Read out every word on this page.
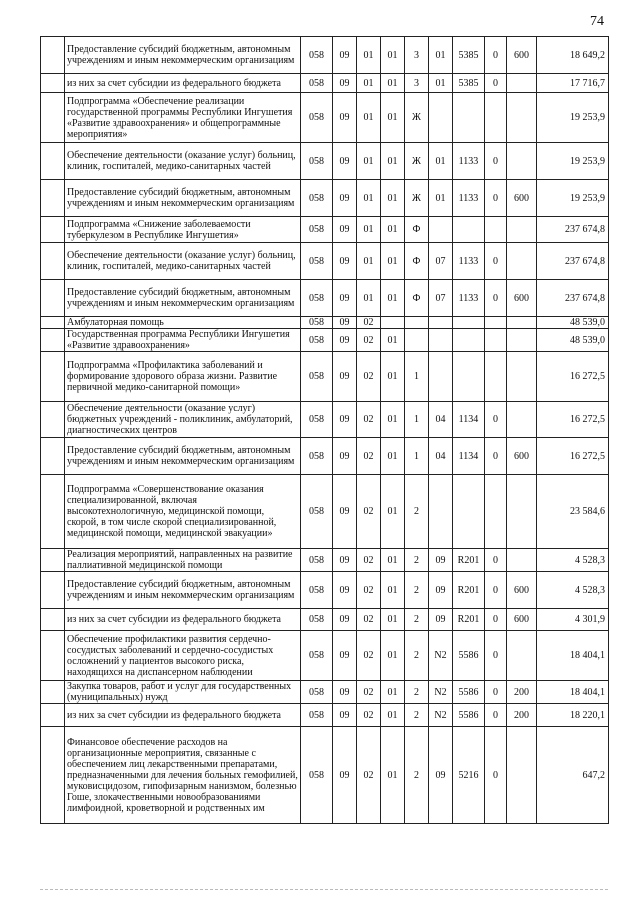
74
	Предоставление субсидий бюджетным, автономным учреждениям и иным некоммерческим организациям	058	09	01	01	3	01	5385	0	600	18 649,2
	из них за счет субсидии из федерального бюджета	058	09	01	01	3	01	5385	0		17 716,7
	Подпрограмма «Обеспечение реализации государственной программы Республики Ингушетия «Развитие здравоохранения» и общепрограммные мероприятия»	058	09	01	01	Ж					19 253,9
	Обеспечение деятельности (оказание услуг) больниц, клиник, госпиталей, медико-санитарных частей	058	09	01	01	Ж	01	1133	0		19 253,9
	Предоставление субсидий бюджетным, автономным учреждениям и иным некоммерческим организациям	058	09	01	01	Ж	01	1133	0	600	19 253,9
	Подпрограмма «Снижение заболеваемости туберкулезом в Республике Ингушетия»	058	09	01	01	Ф					237 674,8
	Обеспечение деятельности (оказание услуг) больниц, клиник, госпиталей, медико-санитарных частей	058	09	01	01	Ф	07	1133	0		237 674,8
	Предоставление субсидий бюджетным, автономным учреждениям и иным некоммерческим организациям	058	09	01	01	Ф	07	1133	0	600	237 674,8
	Амбулаторная помощь	058	09	02							48 539,0
	Государственная программа Республики Ингушетия «Развитие здравоохранения»	058	09	02	01						48 539,0
	Подпрограмма «Профилактика заболеваний и формирование здорового образа жизни. Развитие первичной медико-санитарной помощи»	058	09	02	01	1					16 272,5
	Обеспечение деятельности (оказание услуг) бюджетных учреждений - поликлиник, амбулаторий, диагностических центров	058	09	02	01	1	04	1134	0		16 272,5
	Предоставление субсидий бюджетным, автономным учреждениям и иным некоммерческим организациям	058	09	02	01	1	04	1134	0	600	16 272,5
	Подпрограмма «Совершенствование оказания специализированной, включая высокотехнологичную, медицинской помощи, скорой, в том числе скорой специализированной, медицинской помощи, медицинской эвакуации»	058	09	02	01	2					23 584,6
	Реализация мероприятий, направленных на развитие паллиативной медицинской помощи	058	09	02	01	2	09	R201	0		4 528,3
	Предоставление субсидий бюджетным, автономным учреждениям и иным некоммерческим организациям	058	09	02	01	2	09	R201	0	600	4 528,3
	из них за счет субсидии из федерального бюджета	058	09	02	01	2	09	R201	0	600	4 301,9
	Обеспечение профилактики развития сердечно-сосудистых заболеваний и сердечно-сосудистых осложнений у пациентов высокого риска, находящихся на диспансерном наблюдении	058	09	02	01	2	N2	5586	0		18 404,1
	Закупка товаров, работ и услуг для государственных (муниципальных) нужд	058	09	02	01	2	N2	5586	0	200	18 404,1
	из них за счет субсидии из федерального бюджета	058	09	02	01	2	N2	5586	0	200	18 220,1
	Финансовое обеспечение расходов на организационные мероприятия, связанные с обеспечением лиц лекарственными препаратами, предназначенными для лечения больных гемофилией, муковисцидозом, гипофизарным нанизмом, болезнью Гоше, злокачественными новообразованиями лимфоидной, кроветворной и родственных им	058	09	02	01	2	09	5216	0		647,2
